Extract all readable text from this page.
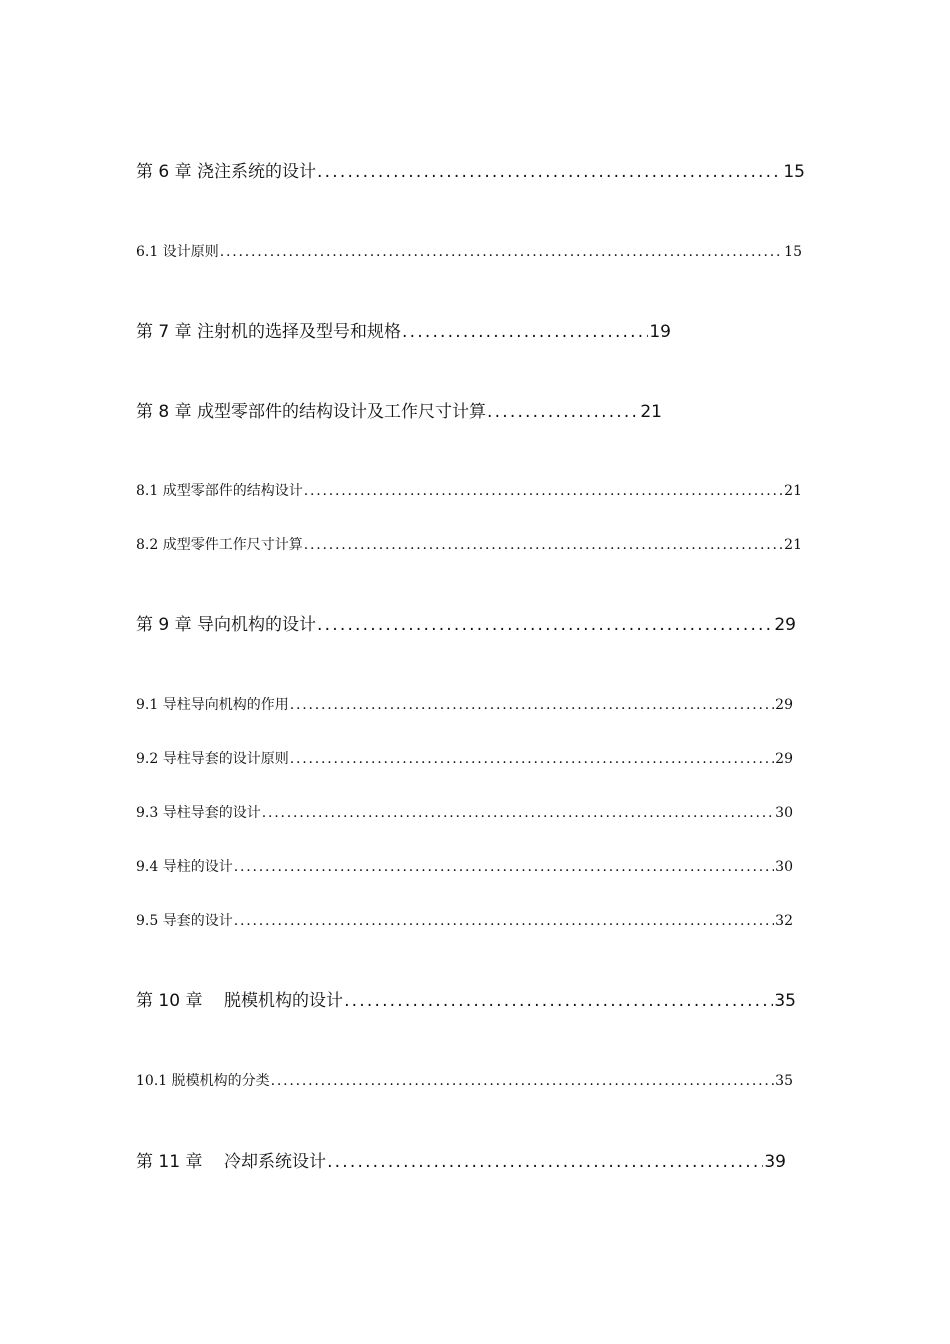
第 6 章 浇注系统的设计 .....	15
6.1 设计原则 .....	15
第 7 章 注射机的选择及型号和规格 .....	19
第 8 章 成型零部件的结构设计及工作尺寸计算 .....	21
8.1 成型零部件的结构设计 .....	21
8.2 成型零件工作尺寸计算 .....	21
第 9 章 导向机构的设计 .....	29
9.1 导柱导向机构的作用 .....	29
9.2 导柱导套的设计原则 .....	29
9.3 导柱导套的设计 .....	30
9.4 导柱的设计 .....	30
9.5 导套的设计 .....	32
第 10 章    脱模机构的设计 .....	35
10.1 脱模机构的分类 .....	35
第 11 章    冷却系统设计 .....	39
